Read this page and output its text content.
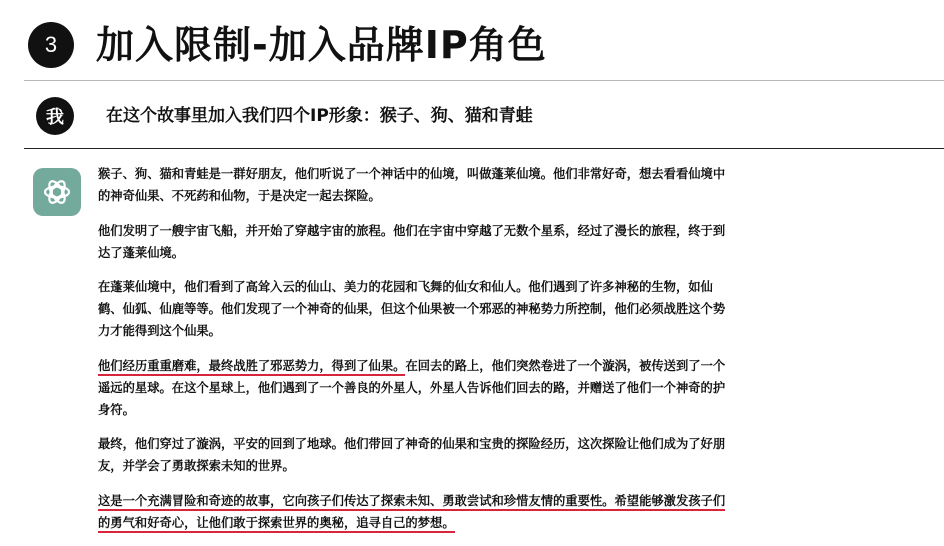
3 加入限制-加入品牌IP角色
我 在这个故事里加入我们四个IP形象：猴子、狗、猫和青蛙

猴子、狗、猫和青蛙是一群好朋友，他们听说了一个神话中的仙境，叫做蓬莱仙境。他们非常好奇，想去看看仙境中的神奇仙果、不死药和仙物，于是决定一起去探险。

他们发明了一艘宇宙飞船，并开始了穿越宇宙的旅程。他们在宇宙中穿越了无数个星系，经过了漫长的旅程，终于到达了蓬莱仙境。

在蓬莱仙境中，他们看到了高耸入云的仙山、美力的花园和飞舞的仙女和仙人。他们遇到了许多神秘的生物，如仙鹤、仙狐、仙鹿等等。他们发现了一个神奇的仙果，但这个仙果被一个邪恶的神秘势力所控制，他们必须战胜这个势力才能得到这个仙果。

他们经历重重磨难，最终战胜了邪恶势力，得到了仙果。在回去的路上，他们突然卷进了一个漩涡，被传送到了一个遥远的星球。在这个星球上，他们遇到了一个善良的外星人，外星人告诉他们回去的路，并赠送了他们一个神奇的护身符。

最终，他们穿过了漩涡，平安的回到了地球。他们带回了神奇的仙果和宝贵的探险经历，这次探险让他们成为了好朋友，并学会了勇敢探索未知的世界。

这是一个充满冒险和奇迹的故事，它向孩子们传达了探索未知、勇敢尝试和珍惜友情的重要性。希望能够激发孩子们的勇气和好奇心，让他们敢于探索世界的奥秘，追寻自己的梦想。
